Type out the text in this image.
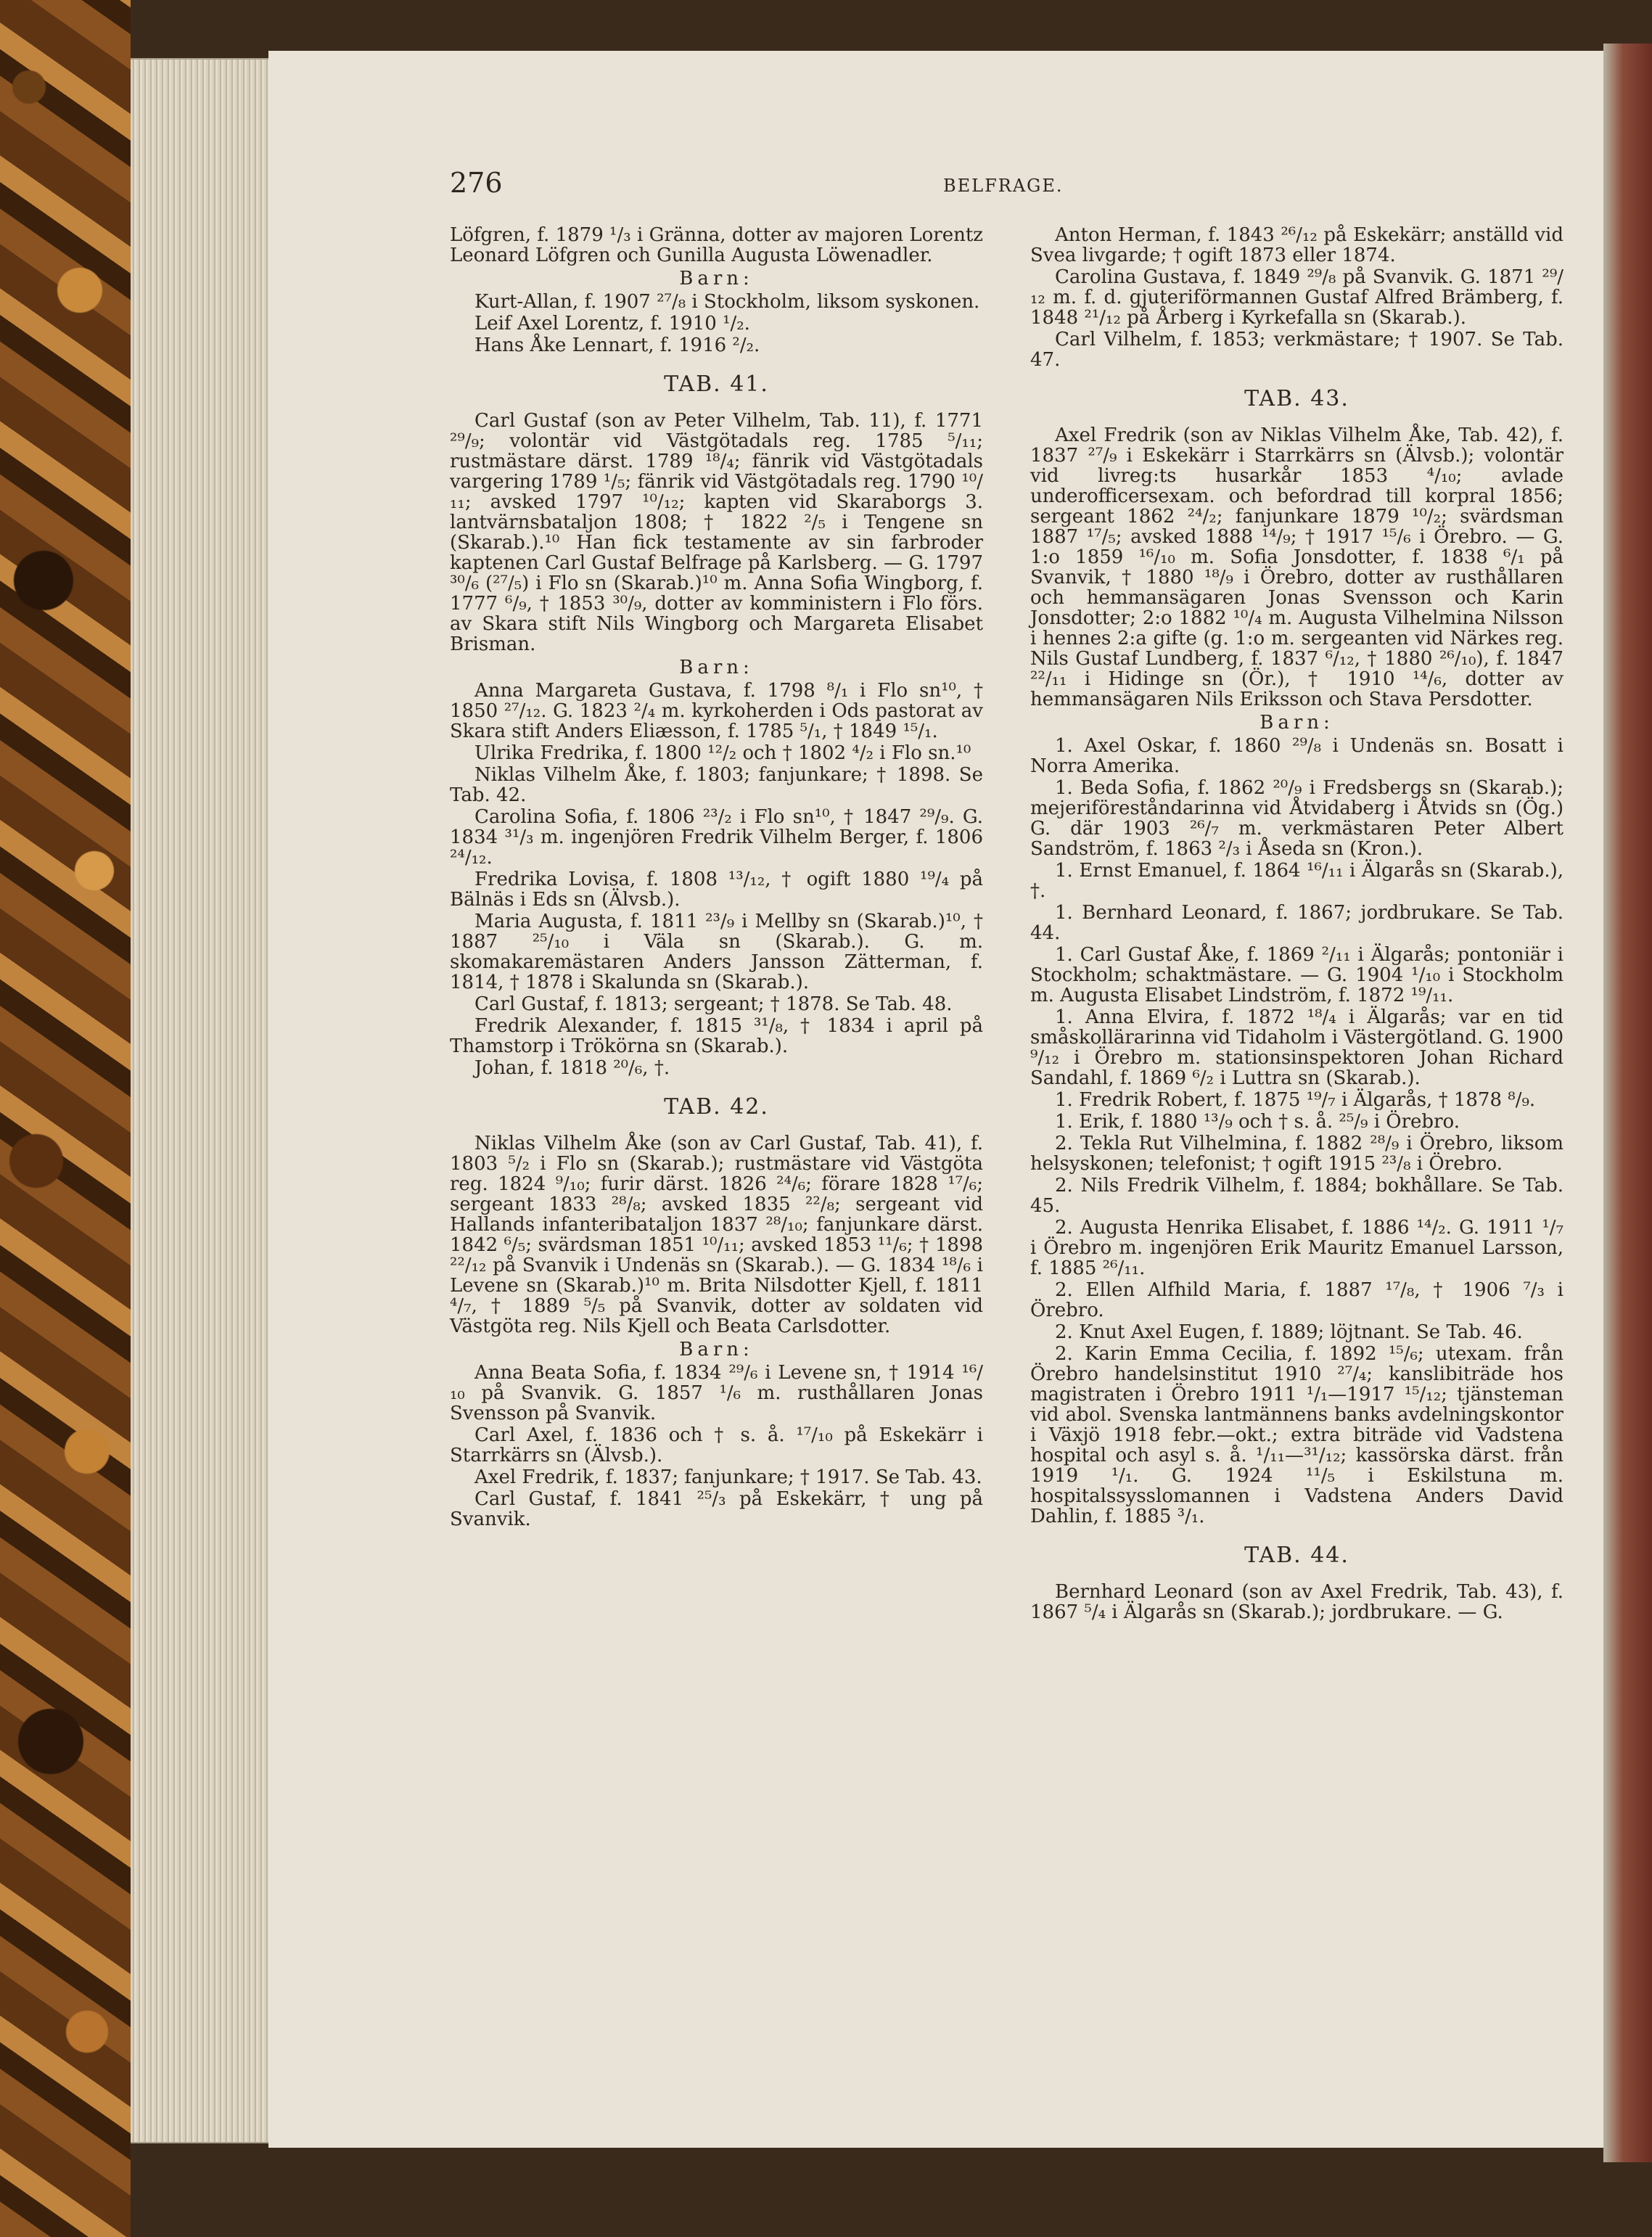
276	BELFRAGE.

Löfgren, f. 1879 ¹/₃ i Gränna, dotter av majoren Lorentz Leonard Löfgren och Gunilla Augusta Löwenadler.

Barn:

Kurt-Allan, f. 1907 ²⁷/₈ i Stockholm, liksom syskonen.

Leif Axel Lorentz, f. 1910 ¹/₂.

Hans Åke Lennart, f. 1916 ²/₂.

TAB. 41.

Carl Gustaf (son av Peter Vilhelm, Tab. 11), f. 1771 ²⁹/₉; volontär vid Västgötadals reg. 1785 ⁵/₁₁; rustmästare därst. 1789 ¹⁸/₄; fänrik vid Västgötadals vargering 1789 ¹/₅; fänrik vid Västgötadals reg. 1790 ¹⁰/₁₁; avsked 1797 ¹⁰/₁₂; kapten vid Skaraborgs 3. lantvärnsbataljon 1808; † 1822 ²/₅ i Tengene sn (Skarab.).¹⁰ Han fick testamente av sin farbroder kaptenen Carl Gustaf Belfrage på Karlsberg. — G. 1797 ³⁰/₆ (²⁷/₅) i Flo sn (Skarab.)¹⁰ m. Anna Sofia Wingborg, f. 1777 ⁶/₉, † 1853 ³⁰/₉, dotter av komministern i Flo förs. av Skara stift Nils Wingborg och Margareta Elisabet Brisman.

Barn:

Anna Margareta Gustava, f. 1798 ⁸/₁ i Flo sn¹⁰, † 1850 ²⁷/₁₂. G. 1823 ²/₄ m. kyrkoherden i Ods pastorat av Skara stift Anders Eliæsson, f. 1785 ⁵/₁, † 1849 ¹⁵/₁.

Ulrika Fredrika, f. 1800 ¹²/₂ och † 1802 ⁴/₂ i Flo sn.¹⁰

Niklas Vilhelm Åke, f. 1803; fanjunkare; † 1898. Se Tab. 42.

Carolina Sofia, f. 1806 ²³/₂ i Flo sn¹⁰, † 1847 ²⁹/₉. G. 1834 ³¹/₃ m. ingenjören Fredrik Vilhelm Berger, f. 1806 ²⁴/₁₂.

Fredrika Lovisa, f. 1808 ¹³/₁₂, † ogift 1880 ¹⁹/₄ på Bälnäs i Eds sn (Älvsb.).

Maria Augusta, f. 1811 ²³/₉ i Mellby sn (Skarab.)¹⁰, † 1887 ²⁵/₁₀ i Väla sn (Skarab.). G. m. skomakaremästaren Anders Jansson Zätterman, f. 1814, † 1878 i Skalunda sn (Skarab.).

Carl Gustaf, f. 1813; sergeant; † 1878. Se Tab. 48.

Fredrik Alexander, f. 1815 ³¹/₈, † 1834 i april på Thamstorp i Trökörna sn (Skarab.).

Johan, f. 1818 ²⁰/₆, †.

TAB. 42.

Niklas Vilhelm Åke (son av Carl Gustaf, Tab. 41), f. 1803 ⁵/₂ i Flo sn (Skarab.); rustmästare vid Västgöta reg. 1824 ⁹/₁₀; furir därst. 1826 ²⁴/₆; förare 1828 ¹⁷/₆; sergeant 1833 ²⁸/₈; avsked 1835 ²²/₈; sergeant vid Hallands infanteribataljon 1837 ²⁸/₁₀; fanjunkare därst. 1842 ⁶/₅; svärdsman 1851 ¹⁰/₁₁; avsked 1853 ¹¹/₆; † 1898 ²²/₁₂ på Svanvik i Undenäs sn (Skarab.). — G. 1834 ¹⁸/₆ i Levene sn (Skarab.)¹⁰ m. Brita Nilsdotter Kjell, f. 1811 ⁴/₇, † 1889 ⁵/₅ på Svanvik, dotter av soldaten vid Västgöta reg. Nils Kjell och Beata Carlsdotter.

Barn:

Anna Beata Sofia, f. 1834 ²⁹/₆ i Levene sn, † 1914 ¹⁶/₁₀ på Svanvik. G. 1857 ¹/₆ m. rusthållaren Jonas Svensson på Svanvik.

Carl Axel, f. 1836 och † s. å. ¹⁷/₁₀ på Eskekärr i Starrkärrs sn (Älvsb.).

Axel Fredrik, f. 1837; fanjunkare; † 1917. Se Tab. 43.

Carl Gustaf, f. 1841 ²⁵/₃ på Eskekärr, † ung på Svanvik.

Anton Herman, f. 1843 ²⁶/₁₂ på Eskekärr; anställd vid Svea livgarde; † ogift 1873 eller 1874.

Carolina Gustava, f. 1849 ²⁹/₈ på Svanvik. G. 1871 ²⁹/₁₂ m. f. d. gjuteriförmannen Gustaf Alfred Brämberg, f. 1848 ²¹/₁₂ på Årberg i Kyrkefalla sn (Skarab.).

Carl Vilhelm, f. 1853; verkmästare; † 1907. Se Tab. 47.

TAB. 43.

Axel Fredrik (son av Niklas Vilhelm Åke, Tab. 42), f. 1837 ²⁷/₉ i Eskekärr i Starrkärrs sn (Älvsb.); volontär vid livreg:ts husarkår 1853 ⁴/₁₀; avlade underofficersexam. och befordrad till korpral 1856; sergeant 1862 ²⁴/₂; fanjunkare 1879 ¹⁰/₂; svärdsman 1887 ¹⁷/₅; avsked 1888 ¹⁴/₉; † 1917 ¹⁵/₆ i Örebro. — G. 1:o 1859 ¹⁶/₁₀ m. Sofia Jonsdotter, f. 1838 ⁶/₁ på Svanvik, † 1880 ¹⁸/₉ i Örebro, dotter av rusthållaren och hemmansägaren Jonas Svensson och Karin Jonsdotter; 2:o 1882 ¹⁰/₄ m. Augusta Vilhelmina Nilsson i hennes 2:a gifte (g. 1:o m. sergeanten vid Närkes reg. Nils Gustaf Lundberg, f. 1837 ⁶/₁₂, † 1880 ²⁶/₁₀), f. 1847 ²²/₁₁ i Hidinge sn (Ör.), † 1910 ¹⁴/₆, dotter av hemmansägaren Nils Eriksson och Stava Persdotter.

Barn:

1. Axel Oskar, f. 1860 ²⁹/₈ i Undenäs sn. Bosatt i Norra Amerika.

1. Beda Sofia, f. 1862 ²⁰/₉ i Fredsbergs sn (Skarab.); mejeriföreståndarinna vid Åtvidaberg i Åtvids sn (Ög.) G. där 1903 ²⁶/₇ m. verkmästaren Peter Albert Sandström, f. 1863 ²/₃ i Åseda sn (Kron.).

1. Ernst Emanuel, f. 1864 ¹⁶/₁₁ i Älgarås sn (Skarab.), †.

1. Bernhard Leonard, f. 1867; jordbrukare. Se Tab. 44.

1. Carl Gustaf Åke, f. 1869 ²/₁₁ i Älgarås; pontoniär i Stockholm; schaktmästare. — G. 1904 ¹/₁₀ i Stockholm m. Augusta Elisabet Lindström, f. 1872 ¹⁹/₁₁.

1. Anna Elvira, f. 1872 ¹⁸/₄ i Älgarås; var en tid småskollärarinna vid Tidaholm i Västergötland. G. 1900 ⁹/₁₂ i Örebro m. stationsinspektoren Johan Richard Sandahl, f. 1869 ⁶/₂ i Luttra sn (Skarab.).

1. Fredrik Robert, f. 1875 ¹⁹/₇ i Älgarås, † 1878 ⁸/₉.

1. Erik, f. 1880 ¹³/₉ och † s. å. ²⁵/₉ i Örebro.

2. Tekla Rut Vilhelmina, f. 1882 ²⁸/₉ i Örebro, liksom helsyskonen; telefonist; † ogift 1915 ²³/₈ i Örebro.

2. Nils Fredrik Vilhelm, f. 1884; bokhållare. Se Tab. 45.

2. Augusta Henrika Elisabet, f. 1886 ¹⁴/₂. G. 1911 ¹/₇ i Örebro m. ingenjören Erik Mauritz Emanuel Larsson, f. 1885 ²⁶/₁₁.

2. Ellen Alfhild Maria, f. 1887 ¹⁷/₈, † 1906 ⁷/₃ i Örebro.

2. Knut Axel Eugen, f. 1889; löjtnant. Se Tab. 46.

2. Karin Emma Cecilia, f. 1892 ¹⁵/₆; utexam. från Örebro handelsinstitut 1910 ²⁷/₄; kanslibiträde hos magistraten i Örebro 1911 ¹/₁—1917 ¹⁵/₁₂; tjänsteman vid abol. Svenska lantmännens banks avdelningskontor i Växjö 1918 febr.—okt.; extra biträde vid Vadstena hospital och asyl s. å. ¹/₁₁—³¹/₁₂; kassörska därst. från 1919 ¹/₁. G. 1924 ¹¹/₅ i Eskilstuna m. hospitalssysslomannen i Vadstena Anders David Dahlin, f. 1885 ³/₁.

TAB. 44.

Bernhard Leonard (son av Axel Fredrik, Tab. 43), f. 1867 ⁵/₄ i Älgarås sn (Skarab.); jordbrukare. — G.
